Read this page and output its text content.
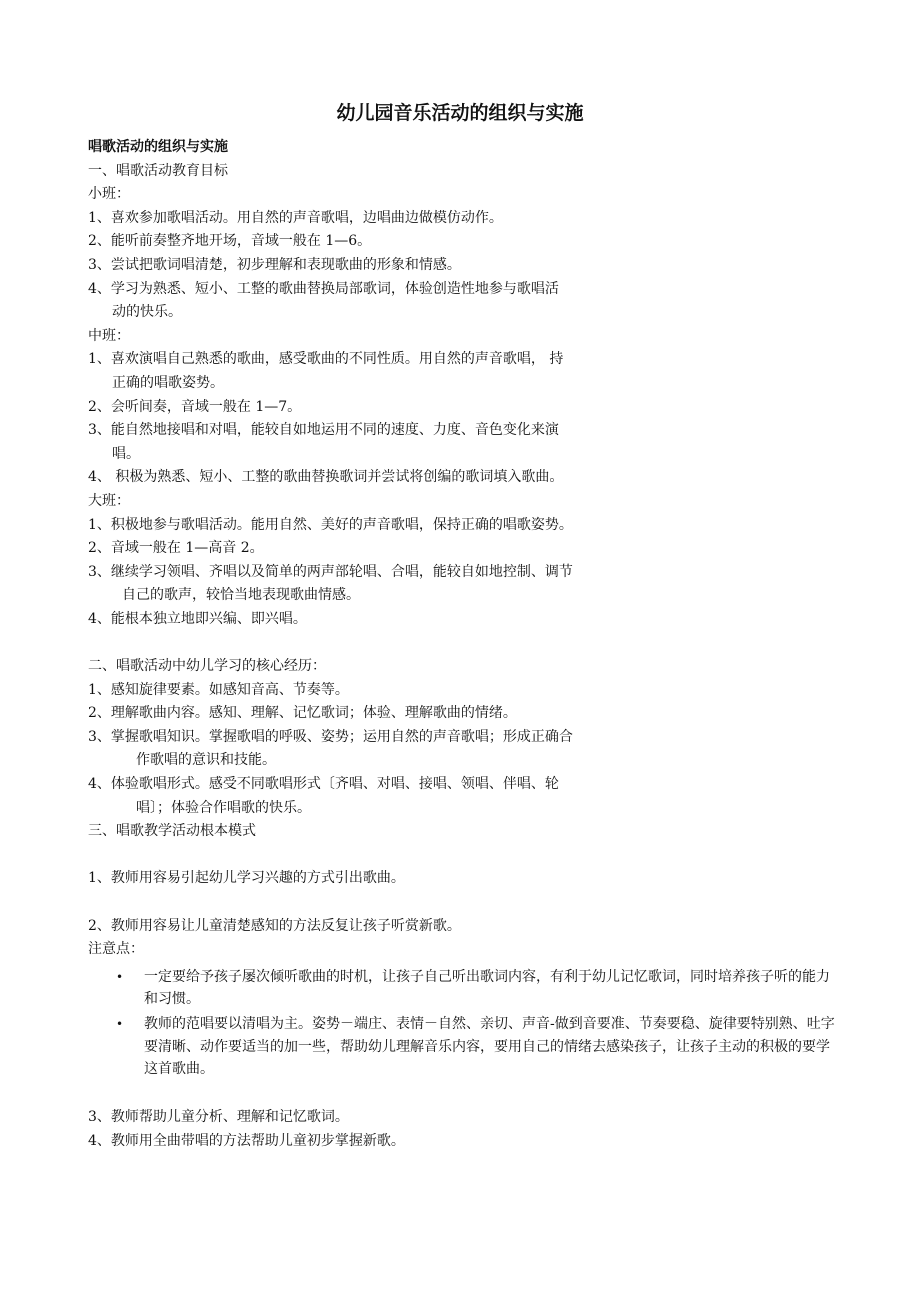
幼儿园音乐活动的组织与实施
唱歌活动的组织与实施
一、唱歌活动教育目标
小班：
1、喜欢参加歌唱活动。用自然的声音歌唱，边唱曲边做模仿动作。
2、能听前奏整齐地开场，音域一般在 1—6。
3、尝试把歌词唱清楚，初步理解和表现歌曲的形象和情感。
4、学习为熟悉、短小、工整的歌曲替换局部歌词，体验创造性地参与歌唱活
动的快乐。
中班：
1、喜欢演唱自己熟悉的歌曲，感受歌曲的不同性质。用自然的声音歌唱， 持
正确的唱歌姿势。
2、会听间奏，音域一般在 1—7。
3、能自然地接唱和对唱，能较自如地运用不同的速度、力度、音色变化来演
唱。
4、 积极为熟悉、短小、工整的歌曲替换歌词并尝试将创编的歌词填入歌曲。
大班：
1、积极地参与歌唱活动。能用自然、美好的声音歌唱，保持正确的唱歌姿势。
2、音域一般在 1—高音 2。
3、继续学习领唱、齐唱以及简单的两声部轮唱、合唱，能较自如地控制、调节
自己的歌声，较恰当地表现歌曲情感。
4、能根本独立地即兴编、即兴唱。
二、唱歌活动中幼儿学习的核心经历：
1、感知旋律要素。如感知音高、节奏等。
2、理解歌曲内容。感知、理解、记忆歌词；体验、理解歌曲的情绪。
3、掌握歌唱知识。掌握歌唱的呼吸、姿势；运用自然的声音歌唱；形成正确合
作歌唱的意识和技能。
4、体验歌唱形式。感受不同歌唱形式〔齐唱、对唱、接唱、领唱、伴唱、轮
唱〕；体验合作唱歌的快乐。
三、唱歌教学活动根本模式
1、教师用容易引起幼儿学习兴趣的方式引出歌曲。
2、教师用容易让儿童清楚感知的方法反复让孩子听赏新歌。
注意点：
• 一定要给予孩子屡次倾听歌曲的时机，让孩子自己听出歌词内容，有利于幼儿记忆歌词，同时培养孩子听的能力和习惯。
• 教师的范唱要以清唱为主。姿势－端庄、表情－自然、亲切、声音-做到音要准、节奏要稳、旋律要特别熟、吐字要清晰、动作要适当的加一些，帮助幼儿理解音乐内容，要用自己的情绪去感染孩子，让孩子主动的积极的要学这首歌曲。
3、教师帮助儿童分析、理解和记忆歌词。
4、教师用全曲带唱的方法帮助儿童初步掌握新歌。
